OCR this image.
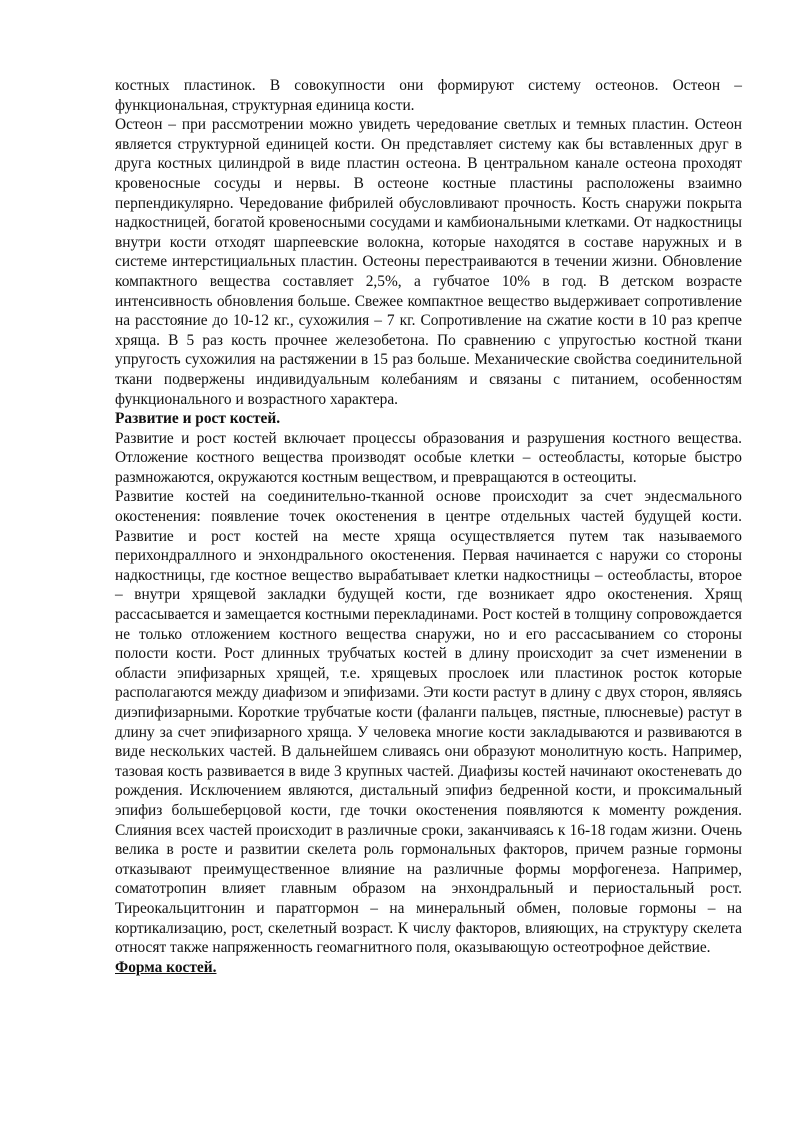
костных пластинок. В совокупности они формируют систему остеонов. Остеон – функциональная, структурная единица кости.

Остеон – при рассмотрении можно увидеть чередование светлых и темных пластин. Остеон является структурной единицей кости. Он представляет систему как бы вставленных друг в друга костных цилиндрой в виде пластин остеона. В центральном канале остеона проходят кровеносные сосуды и нервы. В остеоне костные пластины расположены взаимно перпендикулярно. Чередование фибрилей обусловливают прочность. Кость снаружи покрыта надкостницей, богатой кровеносными сосудами и камбиональными клетками. От надкостницы внутри кости отходят шарпеевские волокна, которые находятся в составе наружных и в системе интерстициальных пластин. Остеоны перестраиваются в течении жизни. Обновление компактного вещества составляет 2,5%, а губчатое 10% в год. В детском возрасте интенсивность обновления больше. Свежее компактное вещество выдерживает сопротивление на расстояние до 10-12 кг., сухожилия – 7 кг. Сопротивление на сжатие кости в 10 раз крепче хряща. В 5 раз кость прочнее железобетона. По сравнению с упругостью костной ткани упругость сухожилия на растяжении в 15 раз больше. Механические свойства соединительной ткани подвержены индивидуальным колебаниям и связаны с питанием, особенностям функционального и возрастного характера.

Развитие и рост костей.

Развитие и рост костей включает процессы образования и разрушения костного вещества. Отложение костного вещества производят особые клетки – остеобласты, которые быстро размножаются, окружаются костным веществом, и превращаются в остеоциты.

Развитие костей на соединительно-тканной основе происходит за счет эндесмального окостенения: появление точек окостенения в центре отдельных частей будущей кости. Развитие и рост костей на месте хряща осуществляется путем так называемого перихондраллного и энхондрального окостенения. Первая начинается с наружи со стороны надкостницы, где костное вещество вырабатывает клетки надкостницы – остеобласты, второе – внутри хрящевой закладки будущей кости, где возникает ядро окостенения. Хрящ рассасывается и замещается костными перекладинами. Рост костей в толщину сопровождается не только отложением костного вещества снаружи, но и его рассасыванием со стороны полости кости. Рост длинных трубчатых костей в длину происходит за счет изменении в области эпифизарных хрящей, т.е. хрящевых прослоек или пластинок росток которые располагаются между диафизом и эпифизами. Эти кости растут в длину с двух сторон, являясь диэпифизарными. Короткие трубчатые кости (фаланги пальцев, пястные, плюсневые) растут в длину за счет эпифизарного хряща. У человека многие кости закладываются и развиваются в виде нескольких частей. В дальнейшем сливаясь они образуют монолитную кость. Например, тазовая кость развивается в виде 3 крупных частей. Диафизы костей начинают окостеневать до рождения. Исключением являются, дистальный эпифиз бедренной кости, и проксимальный эпифиз большеберцовой кости, где точки окостенения появляются к моменту рождения. Слияния всех частей происходит в различные сроки, заканчиваясь к 16-18 годам жизни. Очень велика в росте и развитии скелета роль гормональных факторов, причем разные гормоны отказывают преимущественное влияние на различные формы морфогенеза. Например, соматотропин влияет главным образом на энхондральный и периостальный рост. Тиреокальцитгонин и паратгормон – на минеральный обмен, половые гормоны – на кортикализацию, рост, скелетный возраст. К числу факторов, влияющих, на структуру скелета относят также напряженность геомагнитного поля, оказывающую остеотрофное действие.

Форма костей.
